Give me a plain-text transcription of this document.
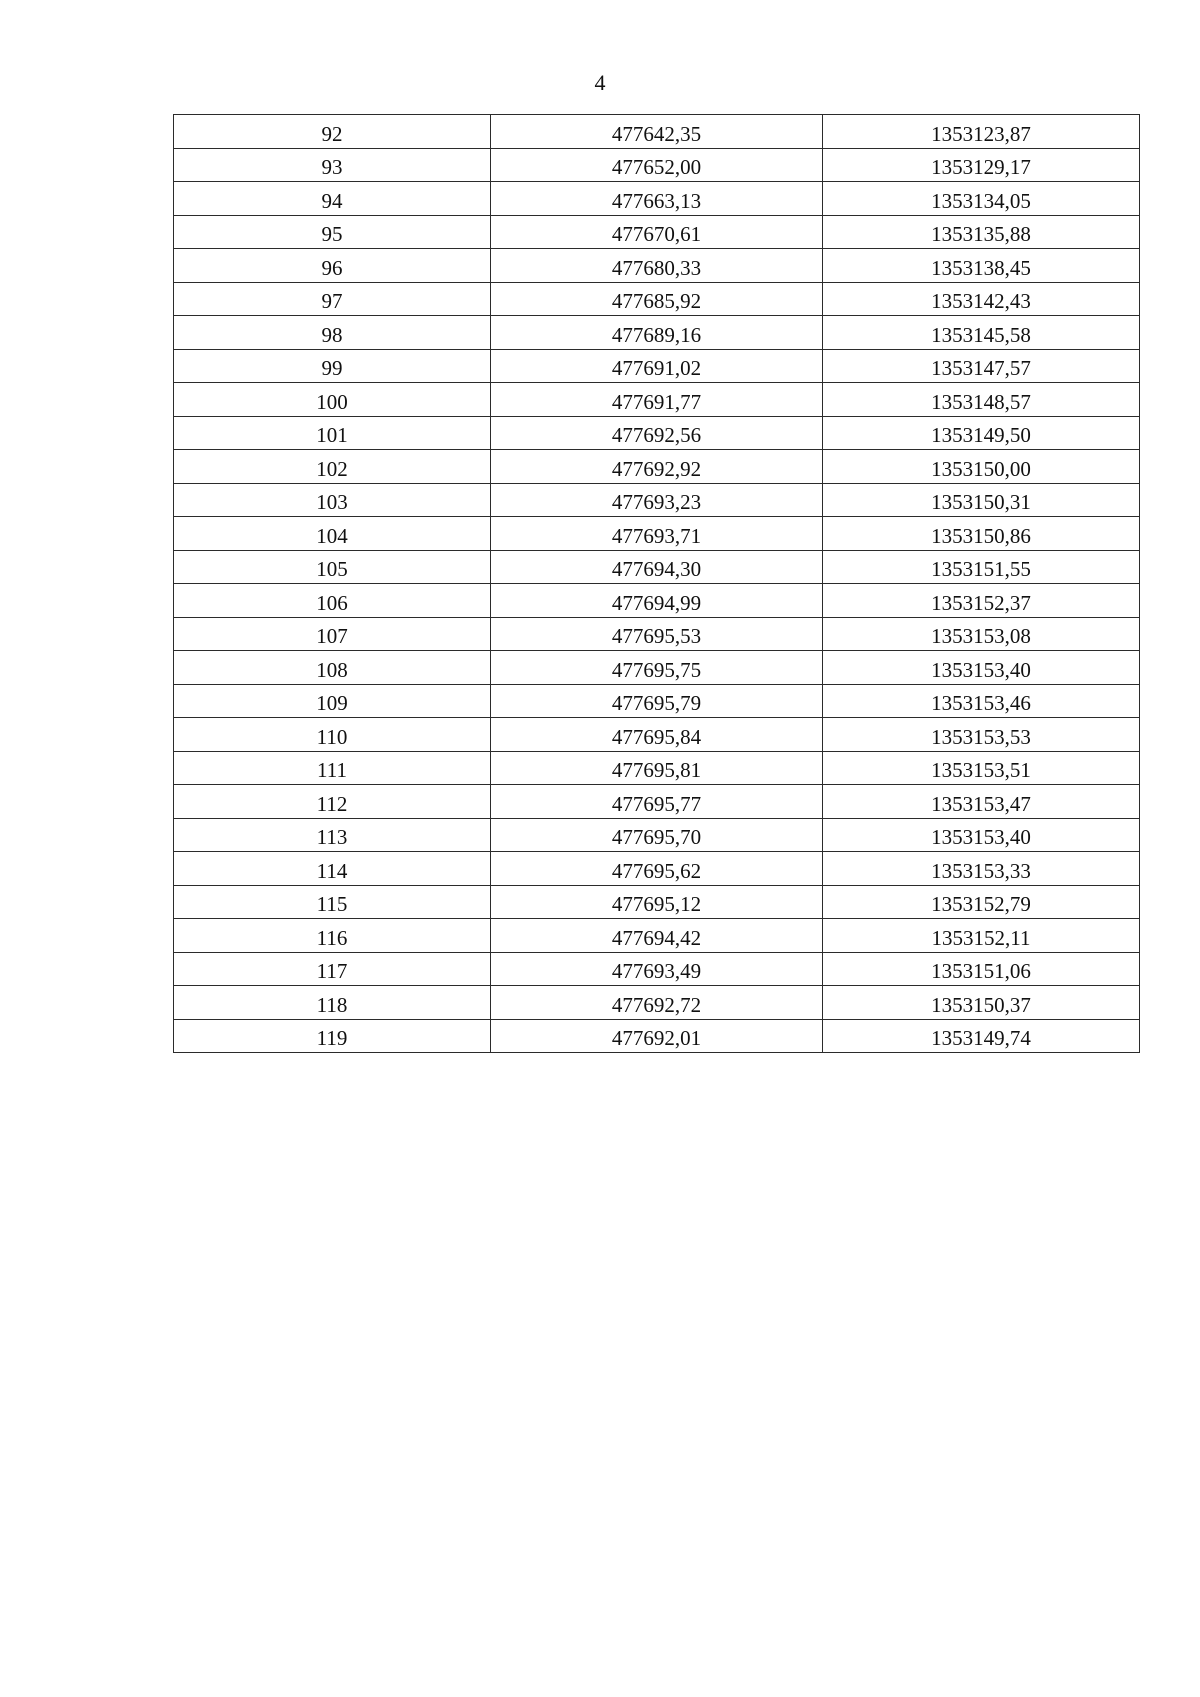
4
92	477642,35	1353123,87
93	477652,00	1353129,17
94	477663,13	1353134,05
95	477670,61	1353135,88
96	477680,33	1353138,45
97	477685,92	1353142,43
98	477689,16	1353145,58
99	477691,02	1353147,57
100	477691,77	1353148,57
101	477692,56	1353149,50
102	477692,92	1353150,00
103	477693,23	1353150,31
104	477693,71	1353150,86
105	477694,30	1353151,55
106	477694,99	1353152,37
107	477695,53	1353153,08
108	477695,75	1353153,40
109	477695,79	1353153,46
110	477695,84	1353153,53
111	477695,81	1353153,51
112	477695,77	1353153,47
113	477695,70	1353153,40
114	477695,62	1353153,33
115	477695,12	1353152,79
116	477694,42	1353152,11
117	477693,49	1353151,06
118	477692,72	1353150,37
119	477692,01	1353149,74
